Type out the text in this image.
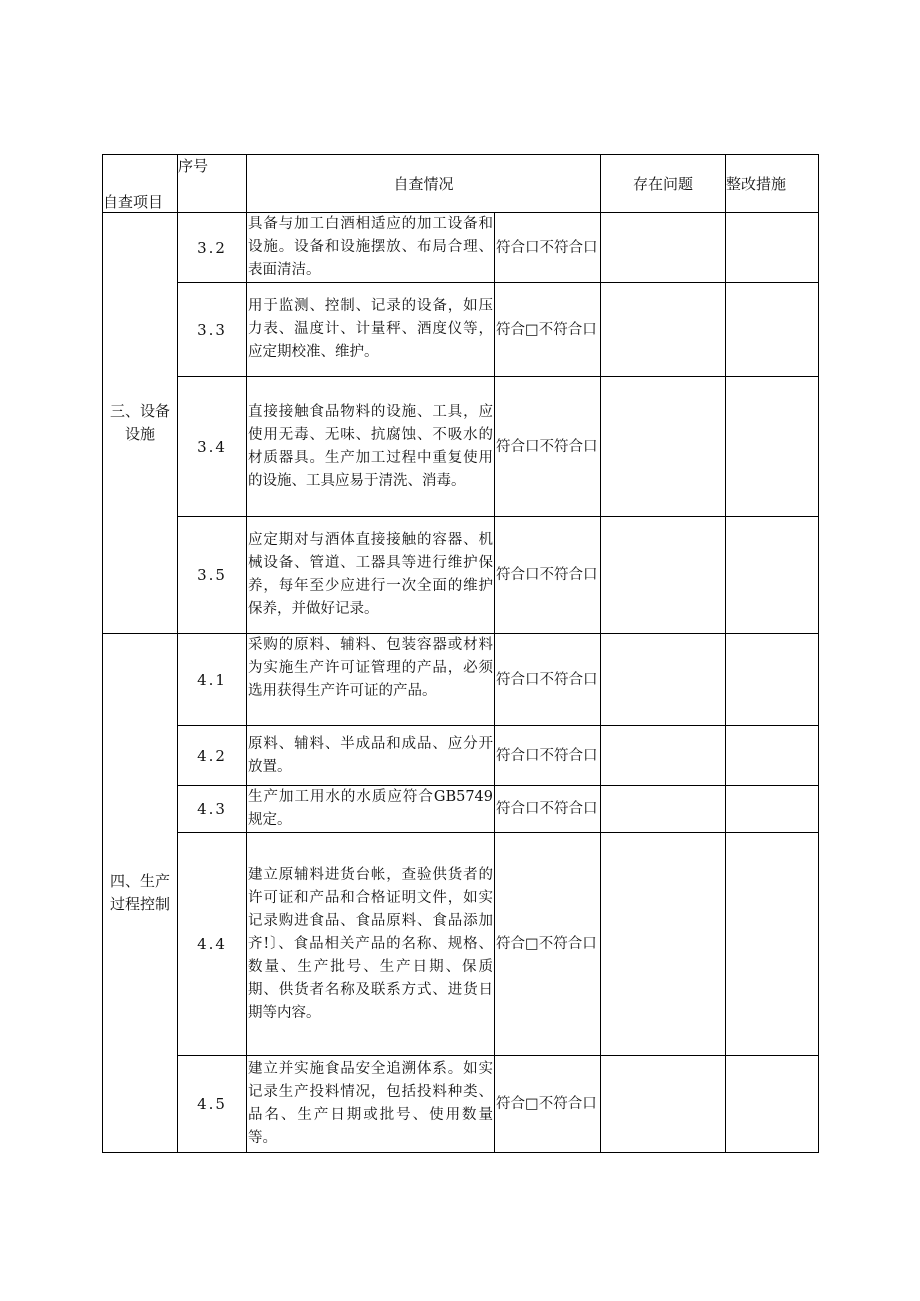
自查项目	序号	自查情况		存在问题	整改措施
三、设备设施	3.2	具备与加工白酒相适应的加工设备和设施。设备和设施摆放、布局合理、表面清洁。	符合口不符合口		
	3.3	用于监测、控制、记录的设备，如压力表、温度计、计量秤、酒度仪等，应定期校准、维护。	符合□不符合口		
	3.4	直接接触食品物料的设施、工具，应使用无毒、无味、抗腐蚀、不吸水的材质器具。生产加工过程中重复使用的设施、工具应易于清洗、消毒。	符合口不符合口		
	3.5	应定期对与酒体直接接触的容器、机械设备、管道、工器具等进行维护保养，每年至少应进行一次全面的维护保养，并做好记录。	符合口不符合口		
四、生产过程控制	4.1	采购的原料、辅料、包装容器或材料为实施生产许可证管理的产品，必须选用获得生产许可证的产品。	符合口不符合口		
	4.2	原料、辅料、半成品和成品、应分开放置。	符合口不符合口		
	4.3	生产加工用水的水质应符合GB5749规定。	符合口不符合口		
	4.4	建立原辅料进货台帐，查验供货者的许可证和产品和合格证明文件，如实记录购进食品、食品原料、食品添加齐!〕、食品相关产品的名称、规格、数量、生产批号、生产日期、保质期、供货者名称及联系方式、进货日期等内容。	符合□不符合口		
	4.5	建立并实施食品安全追溯体系。如实记录生产投料情况，包括投料种类、品名、生产日期或批号、使用数量等。	符合□不符合口		
